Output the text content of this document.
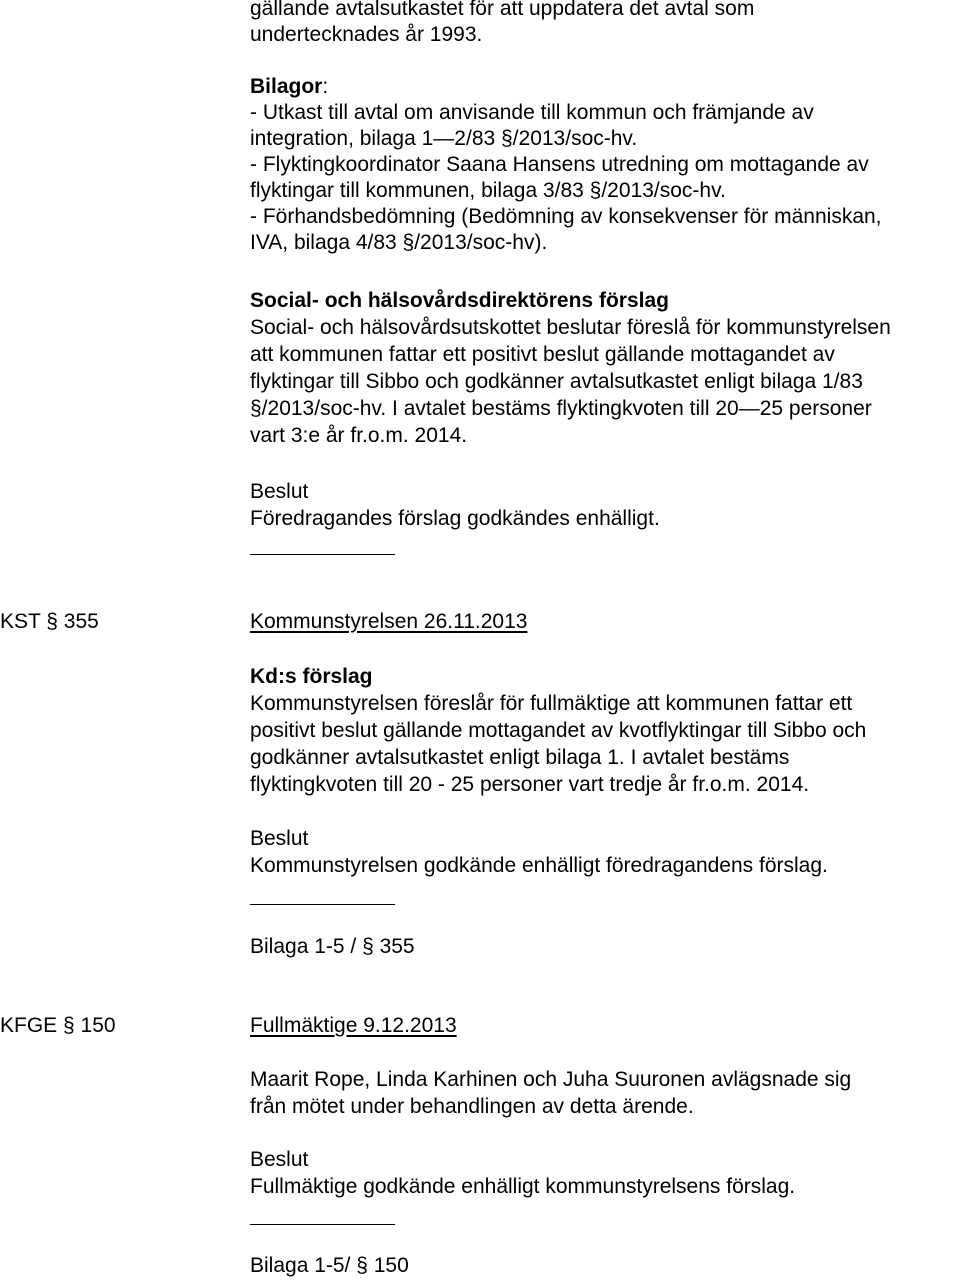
gällande avtalsutkastet för att uppdatera det avtal som
undertecknades år 1993.
Bilagor:
- Utkast till avtal om anvisande till kommun och främjande av
integration, bilaga 1—2/83 §/2013/soc-hv.
- Flyktingkoordinator Saana Hansens utredning om mottagande av
flyktingar till kommunen, bilaga 3/83 §/2013/soc-hv.
- Förhandsbedömning (Bedömning av konsekvenser för människan,
IVA, bilaga 4/83 §/2013/soc-hv).
Social- och hälsovårdsdirektörens förslag
Social- och hälsovårdsutskottet beslutar föreslå för kommunstyrelsen
att kommunen fattar ett positivt beslut gällande mottagandet av
flyktingar till Sibbo och godkänner avtalsutkastet enligt bilaga 1/83
§/2013/soc-hv. I avtalet bestäms flyktingkvoten till 20—25 personer
vart 3:e år fr.o.m. 2014.
Beslut
Föredragandes förslag godkändes enhälligt.
KST § 355	Kommunstyrelsen 26.11.2013
Kd:s förslag
Kommunstyrelsen föreslår för fullmäktige att kommunen fattar ett
positivt beslut gällande mottagandet av kvotflyktingar till Sibbo och
godkänner avtalsutkastet enligt bilaga 1. I avtalet bestäms
flyktingkvoten till 20 - 25 personer vart tredje år fr.o.m. 2014.
Beslut
Kommunstyrelsen godkände enhälligt föredragandens förslag.
Bilaga 1-5 / § 355
KFGE § 150	Fullmäktige 9.12.2013
Maarit Rope, Linda Karhinen och Juha Suuronen avlägsnade sig
från mötet under behandlingen av detta ärende.
Beslut
Fullmäktige godkände enhälligt kommunstyrelsens förslag.
Bilaga 1-5/ § 150
